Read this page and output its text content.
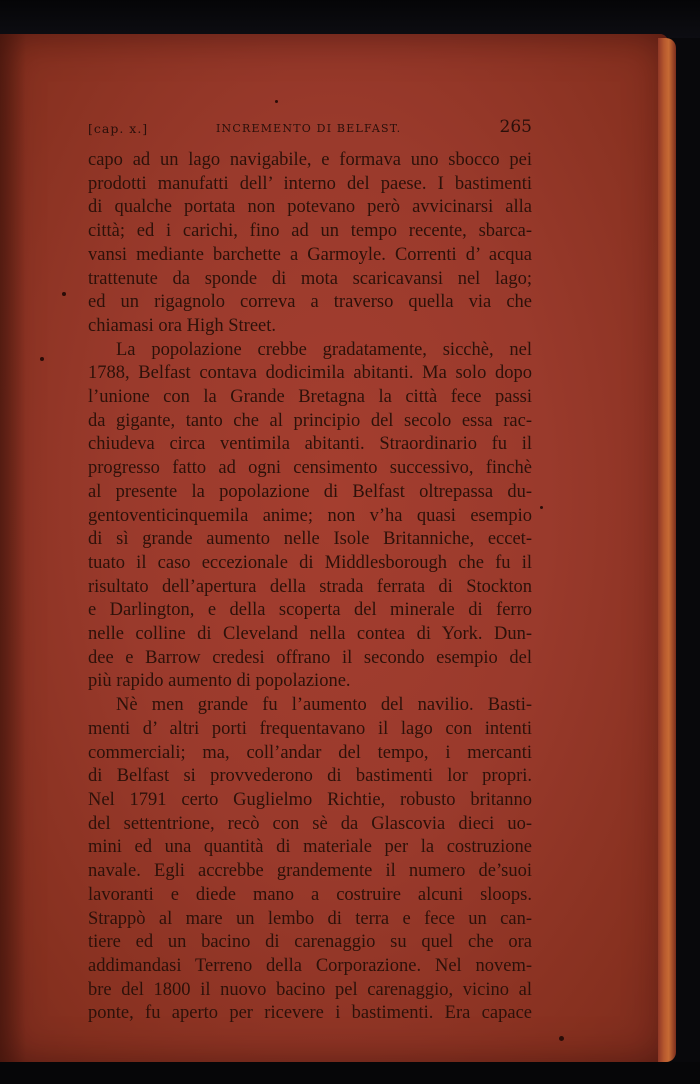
[cap. x.]	INCREMENTO DI BELFAST.	265
capo ad un lago navigabile, e formava uno sbocco pei
prodotti manufatti dell’ interno del paese. I bastimenti
di qualche portata non potevano però avvicinarsi alla
città; ed i carichi, fino ad un tempo recente, sbarca-
vansi mediante barchette a Garmoyle. Correnti d’ acqua
trattenute da sponde di mota scaricavansi nel lago;
ed un rigagnolo correva a traverso quella via che
chiamasi ora High Street.
La popolazione crebbe gradatamente, sicchè, nel
1788, Belfast contava dodicimila abitanti. Ma solo dopo
l’unione con la Grande Bretagna la città fece passi
da gigante, tanto che al principio del secolo essa rac-
chiudeva circa ventimila abitanti. Straordinario fu il
progresso fatto ad ogni censimento successivo, finchè
al presente la popolazione di Belfast oltrepassa du-
gentoventicinquemila anime; non v’ha quasi esempio
di sì grande aumento nelle Isole Britanniche, eccet-
tuato il caso eccezionale di Middlesborough che fu il
risultato dell’apertura della strada ferrata di Stockton
e Darlington, e della scoperta del minerale di ferro
nelle colline di Cleveland nella contea di York. Dun-
dee e Barrow credesi offrano il secondo esempio del
più rapido aumento di popolazione.
Nè men grande fu l’aumento del navilio. Basti-
menti d’ altri porti frequentavano il lago con intenti
commerciali; ma, coll’andar del tempo, i mercanti
di Belfast si provvederono di bastimenti lor propri.
Nel 1791 certo Guglielmo Richtie, robusto britanno
del settentrione, recò con sè da Glascovia dieci uo-
mini ed una quantità di materiale per la costruzione
navale. Egli accrebbe grandemente il numero de’suoi
lavoranti e diede mano a costruire alcuni sloops.
Strappò al mare un lembo di terra e fece un can-
tiere ed un bacino di carenaggio su quel che ora
addimandasi Terreno della Corporazione. Nel novem-
bre del 1800 il nuovo bacino pel carenaggio, vicino al
ponte, fu aperto per ricevere i bastimenti. Era capace
